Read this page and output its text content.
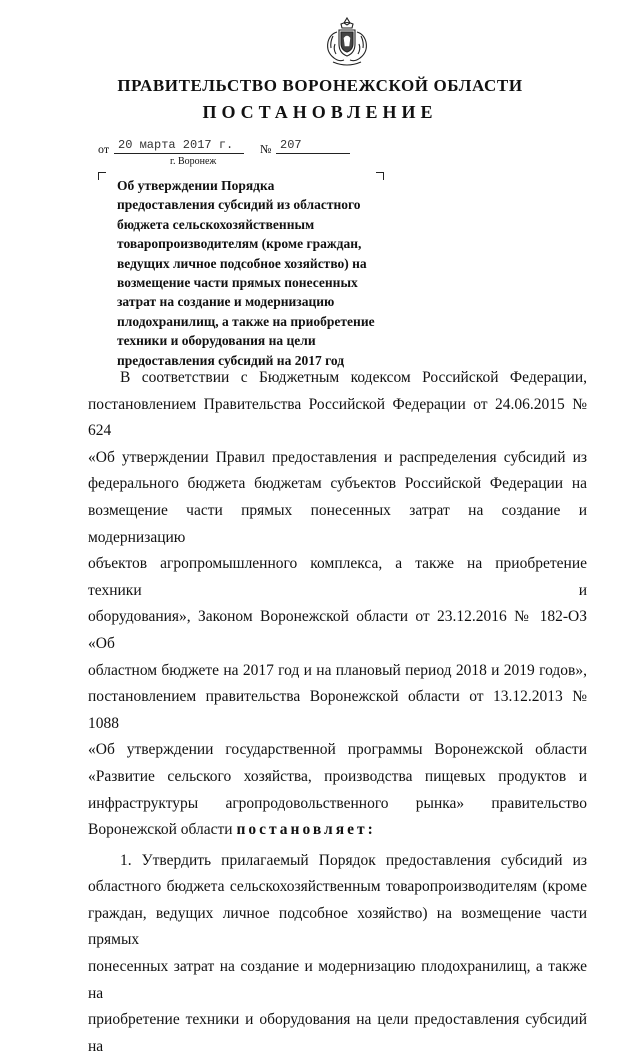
ПРАВИТЕЛЬСТВО ВОРОНЕЖСКОЙ ОБЛАСТИ
ПОСТАНОВЛЕНИЕ
от 20 марта 2017 г.	№ 207
г. Воронеж
Об утверждении Порядка
предоставления субсидий из областного
бюджета сельскохозяйственным
товаропроизводителям (кроме граждан,
ведущих личное подсобное хозяйство) на
возмещение части прямых понесенных
затрат на создание и модернизацию
плодохранилищ, а также на приобретение
техники и оборудования на цели
предоставления субсидий на 2017 год

В соответствии с Бюджетным кодексом Российской Федерации,

постановлением Правительства Российской Федерации от 24.06.2015 № 624

«Об утверждении Правил предоставления и распределения субсидий из

федерального бюджета бюджетам субъектов Российской Федерации на

возмещение части прямых понесенных затрат на создание и модернизацию

объектов агропромышленного комплекса, а также на приобретение техники и

оборудования», Законом Воронежской области от 23.12.2016 № 182-ОЗ «Об

областном бюджете на 2017 год и на плановый период 2018 и 2019 годов»,

постановлением правительства Воронежской области от 13.12.2013 № 1088

«Об утверждении государственной программы Воронежской области

«Развитие сельского хозяйства, производства пищевых продуктов и

инфраструктуры агропродовольственного рынка» правительство

Воронежской области постановляет:

1. Утвердить прилагаемый Порядок предоставления субсидий из

областного бюджета сельскохозяйственным товаропроизводителям (кроме

граждан, ведущих личное подсобное хозяйство) на возмещение части прямых

понесенных затрат на создание и модернизацию плодохранилищ, а также на

приобретение техники и оборудования на цели предоставления субсидий на
